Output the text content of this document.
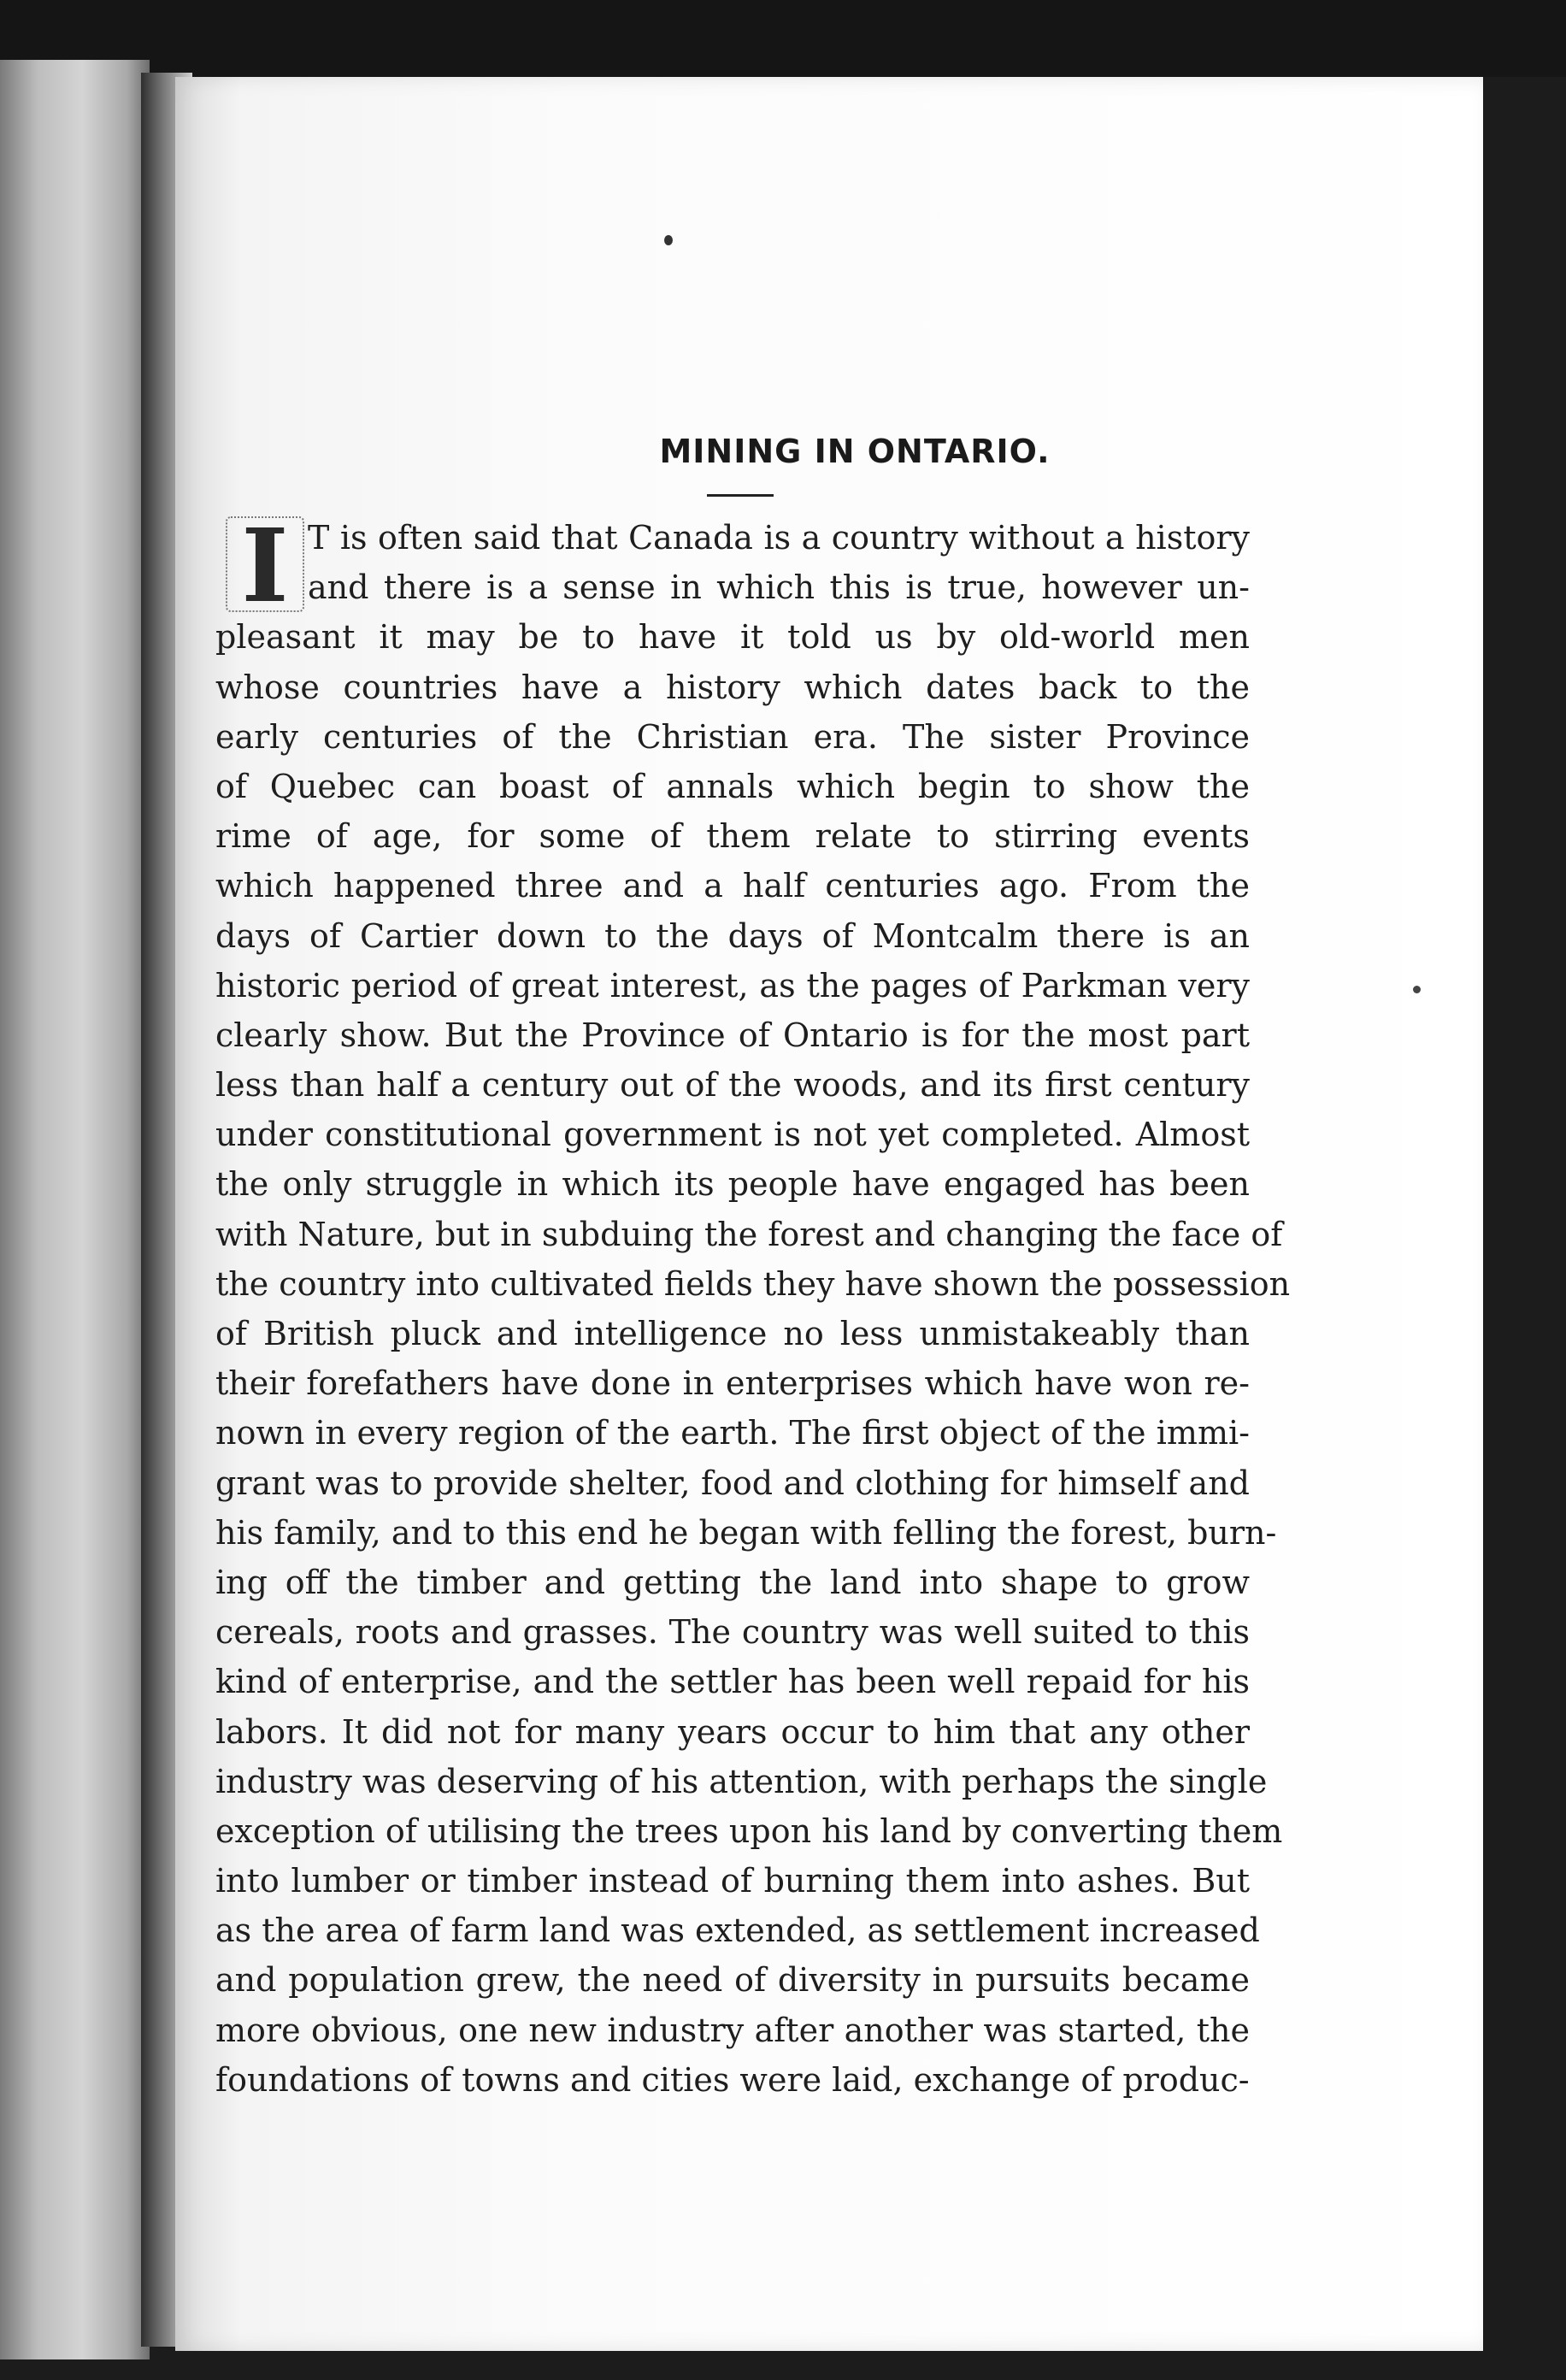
MINING IN ONTARIO.
I T is often said that Canada is a country without a history
and there is a sense in which this is true, however un-
pleasant it may be to have it told us by old-world men
whose countries have a history which dates back to the
early centuries of the Christian era. The sister Province
of Quebec can boast of annals which begin to show the
rime of age, for some of them relate to stirring events
which happened three and a half centuries ago. From the
days of Cartier down to the days of Montcalm there is an
historic period of great interest, as the pages of Parkman very
clearly show. But the Province of Ontario is for the most part
less than half a century out of the woods, and its first century
under constitutional government is not yet completed. Almost
the only struggle in which its people have engaged has been
with Nature, but in subduing the forest and changing the face of
the country into cultivated fields they have shown the possession
of British pluck and intelligence no less unmistakeably than
their forefathers have done in enterprises which have won re-
nown in every region of the earth. The first object of the immi-
grant was to provide shelter, food and clothing for himself and
his family, and to this end he began with felling the forest, burn-
ing off the timber and getting the land into shape to grow
cereals, roots and grasses. The country was well suited to this
kind of enterprise, and the settler has been well repaid for his
labors. It did not for many years occur to him that any other
industry was deserving of his attention, with perhaps the single
exception of utilising the trees upon his land by converting them
into lumber or timber instead of burning them into ashes. But
as the area of farm land was extended, as settlement increased
and population grew, the need of diversity in pursuits became
more obvious, one new industry after another was started, the
foundations of towns and cities were laid, exchange of produc-
